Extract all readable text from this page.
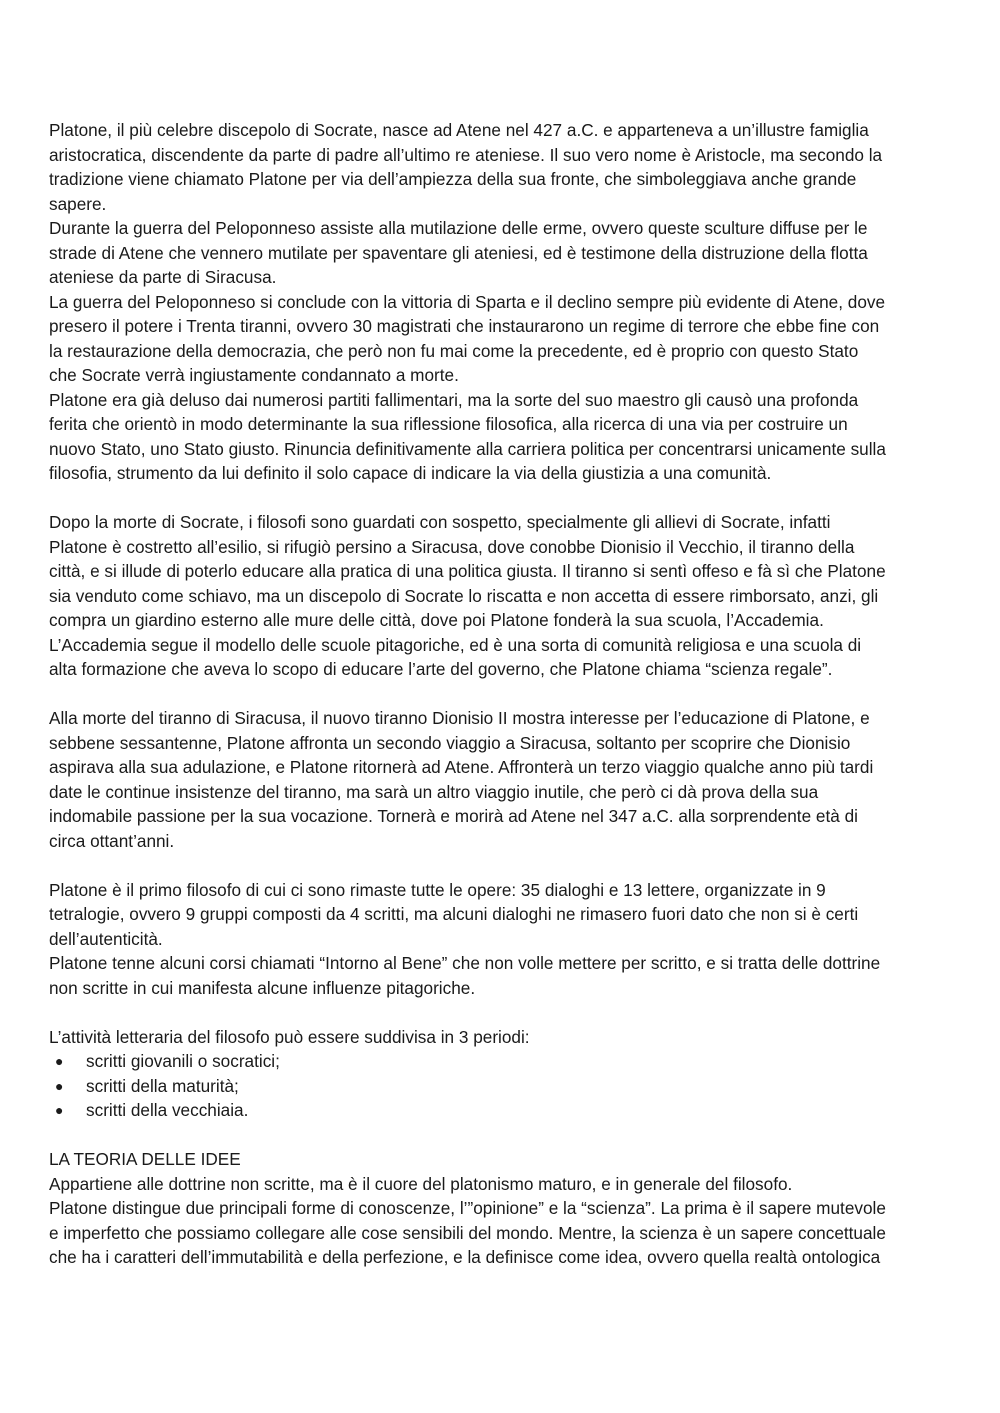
Platone, il più celebre discepolo di Socrate, nasce ad Atene nel 427 a.C. e apparteneva a un’illustre famiglia

aristocratica, discendente da parte di padre all’ultimo re ateniese. Il suo vero nome è Aristocle, ma secondo la

tradizione viene chiamato Platone per via dell’ampiezza della sua fronte, che simboleggiava anche grande

sapere.

Durante la guerra del Peloponneso assiste alla mutilazione delle erme, ovvero queste sculture diffuse per le

strade di Atene che vennero mutilate per spaventare gli ateniesi, ed è testimone della distruzione della flotta

ateniese da parte di Siracusa.

La guerra del Peloponneso si conclude con la vittoria di Sparta e il declino sempre più evidente di Atene, dove

presero il potere i Trenta tiranni, ovvero 30 magistrati che instaurarono un regime di terrore che ebbe fine con

la restaurazione della democrazia, che però non fu mai come la precedente, ed è proprio con questo Stato

che Socrate verrà ingiustamente condannato a morte.

Platone era già deluso dai numerosi partiti fallimentari, ma la sorte del suo maestro gli causò una profonda

ferita che orientò in modo determinante la sua riflessione filosofica, alla ricerca di una via per costruire un

nuovo Stato, uno Stato giusto. Rinuncia definitivamente alla carriera politica per concentrarsi unicamente sulla

filosofia, strumento da lui definito il solo capace di indicare la via della giustizia a una comunità.

Dopo la morte di Socrate, i filosofi sono guardati con sospetto, specialmente gli allievi di Socrate, infatti

Platone è costretto all’esilio, si rifugiò persino a Siracusa, dove conobbe Dionisio il Vecchio, il tiranno della

città, e si illude di poterlo educare alla pratica di una politica giusta. Il tiranno si sentì offeso e fà sì che Platone

sia venduto come schiavo, ma un discepolo di Socrate lo riscatta e non accetta di essere rimborsato, anzi, gli

compra un giardino esterno alle mure delle città, dove poi Platone fonderà la sua scuola, l’Accademia.

L’Accademia segue il modello delle scuole pitagoriche, ed è una sorta di comunità religiosa e una scuola di

alta formazione che aveva lo scopo di educare l’arte del governo, che Platone chiama “scienza regale”.

Alla morte del tiranno di Siracusa, il nuovo tiranno Dionisio II mostra interesse per l’educazione di Platone, e

sebbene sessantenne, Platone affronta un secondo viaggio a Siracusa, soltanto per scoprire che Dionisio

aspirava alla sua adulazione, e Platone ritornerà ad Atene. Affronterà un terzo viaggio qualche anno più tardi

date le continue insistenze del tiranno, ma sarà un altro viaggio inutile, che però ci dà prova della sua

indomabile passione per la sua vocazione. Tornerà e morirà ad Atene nel 347 a.C. alla sorprendente età di

circa ottant’anni.

Platone è il primo filosofo di cui ci sono rimaste tutte le opere: 35 dialoghi e 13 lettere, organizzate in 9

tetralogie, ovvero 9 gruppi composti da 4 scritti, ma alcuni dialoghi ne rimasero fuori dato che non si è certi

dell’autenticità.

Platone tenne alcuni corsi chiamati “Intorno al Bene” che non volle mettere per scritto, e si tratta delle dottrine

non scritte in cui manifesta alcune influenze pitagoriche.

L’attività letteraria del filosofo può essere suddivisa in 3 periodi:

● scritti giovanili o socratici;
● scritti della maturità;
● scritti della vecchiaia.
LA TEORIA DELLE IDEE

Appartiene alle dottrine non scritte, ma è il cuore del platonismo maturo, e in generale del filosofo.

Platone distingue due principali forme di conoscenze, l’”opinione” e la “scienza”. La prima è il sapere mutevole

e imperfetto che possiamo collegare alle cose sensibili del mondo. Mentre, la scienza è un sapere concettuale

che ha i caratteri dell’immutabilità e della perfezione, e la definisce come idea, ovvero quella realtà ontologica
